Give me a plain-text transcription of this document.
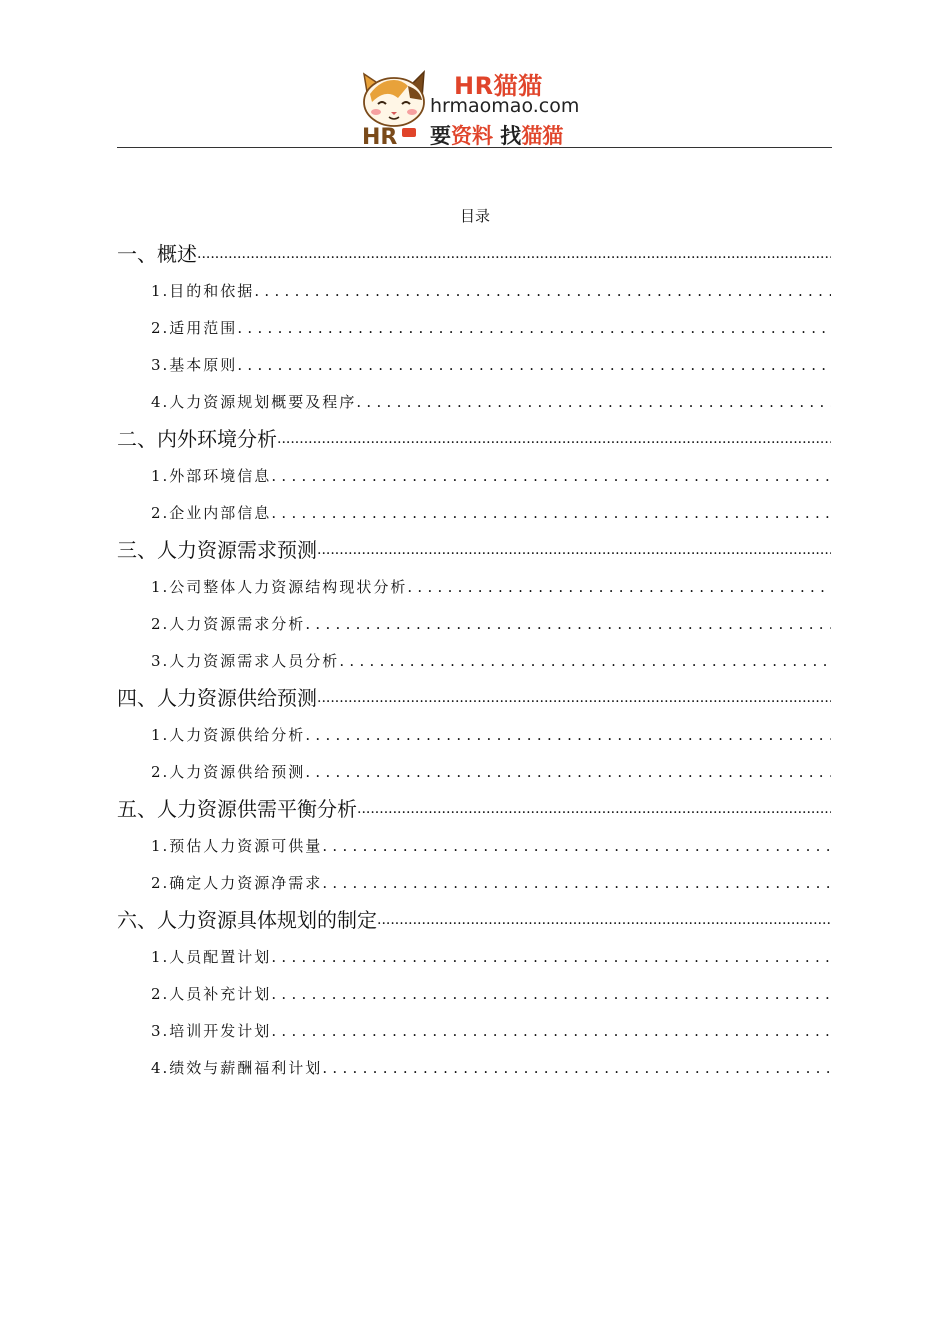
HR
HR猫猫
hrmaomao.com
要资料 找猫猫
目录
一、概述
.....
1.目的和依据
.....
2.适用范围
.....
3.基本原则
.....
4.人力资源规划概要及程序
.....
二、内外环境分析
.....
1.外部环境信息
.....
2.企业内部信息
.....
三、人力资源需求预测
.....
1.公司整体人力资源结构现状分析
.....
2.人力资源需求分析
.....
3.人力资源需求人员分析
.....
四、人力资源供给预测
.....
1.人力资源供给分析
.....
2.人力资源供给预测
.....
五、人力资源供需平衡分析
.....
1.预估人力资源可供量
.....
2.确定人力资源净需求
.....
六、人力资源具体规划的制定
.....
1.人员配置计划
.....
2.人员补充计划
.....
3.培训开发计划
.....
4.绩效与薪酬福利计划
.....
